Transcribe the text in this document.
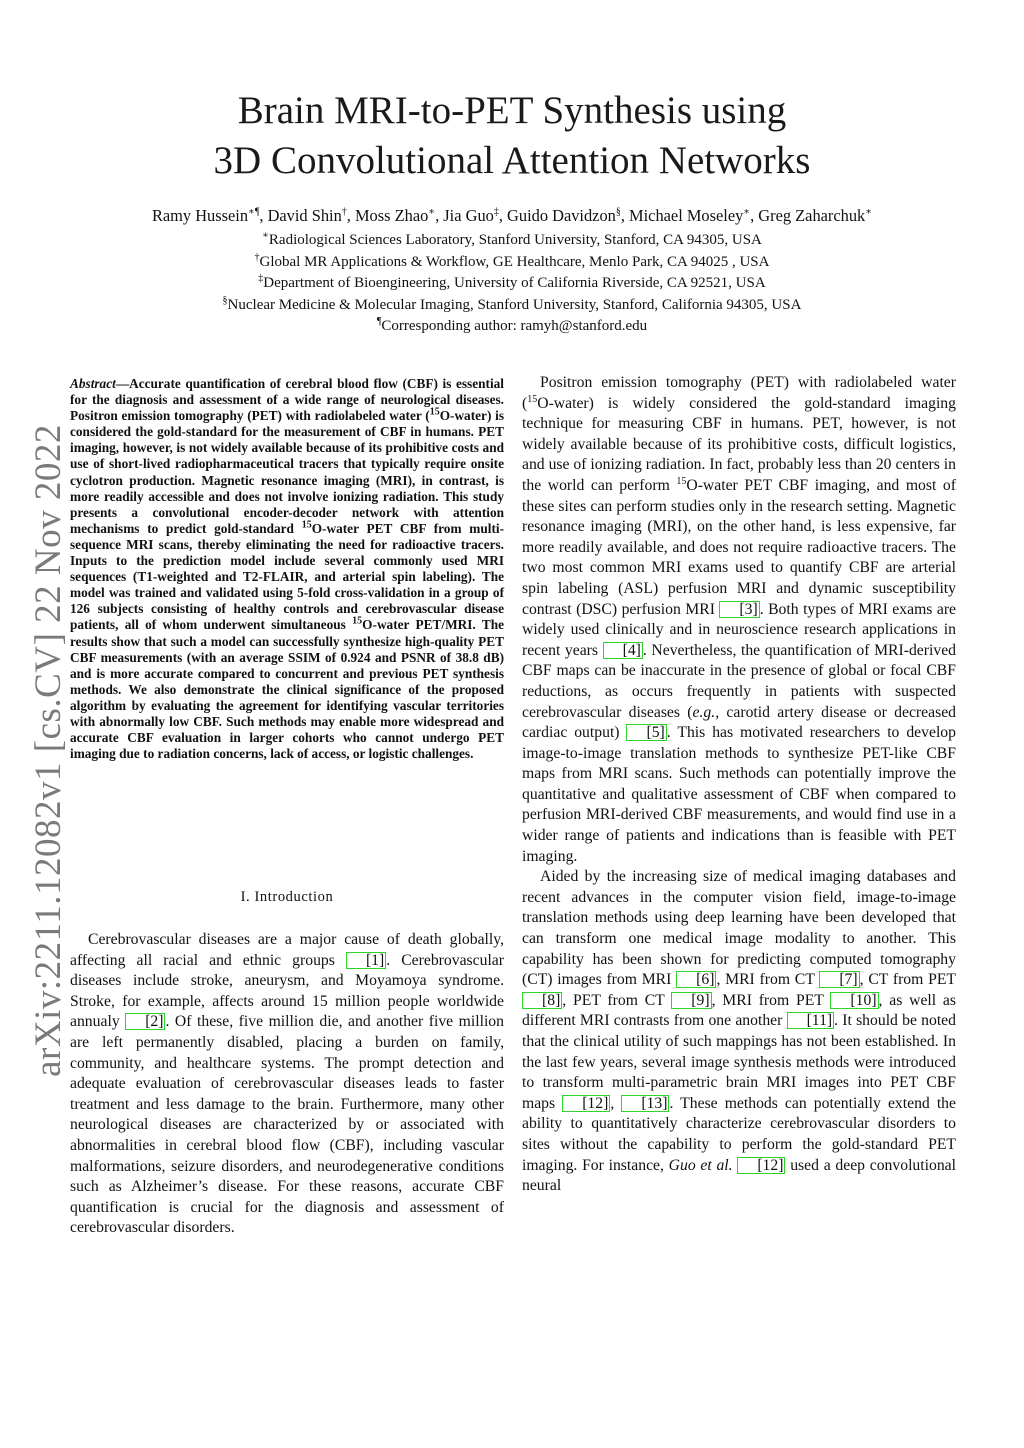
arXiv:2211.12082v1 [cs.CV] 22 Nov 2022
Brain MRI-to-PET Synthesis using
3D Convolutional Attention Networks
Ramy Hussein∗¶, David Shin†, Moss Zhao∗, Jia Guo‡, Guido Davidzon§, Michael Moseley∗, Greg Zaharchuk∗
∗Radiological Sciences Laboratory, Stanford University, Stanford, CA 94305, USA
†Global MR Applications & Workflow, GE Healthcare, Menlo Park, CA 94025 , USA
‡Department of Bioengineering, University of California Riverside, CA 92521, USA
§Nuclear Medicine & Molecular Imaging, Stanford University, Stanford, California 94305, USA
¶Corresponding author: ramyh@stanford.edu
Abstract—Accurate quantification of cerebral blood flow (CBF) is essential for the diagnosis and assessment of a wide range of neurological diseases. Positron emission tomography (PET) with radiolabeled water ($^{15}$O-water) is considered the gold-standard for the measurement of CBF in humans. PET imaging, however, is not widely available because of its prohibitive costs and use of short-lived radiopharmaceutical tracers that typically require onsite cyclotron production. Magnetic resonance imaging (MRI), in contrast, is more readily accessible and does not involve ionizing radiation. This study presents a convolutional encoder-decoder network with attention mechanisms to predict gold-standard $^{15}$O-water PET CBF from multi-sequence MRI scans, thereby eliminating the need for radioactive tracers. Inputs to the prediction model include several commonly used MRI sequences (T1-weighted and T2-FLAIR, and arterial spin labeling). The model was trained and validated using 5-fold cross-validation in a group of 126 subjects consisting of healthy controls and cerebrovascular disease patients, all of whom underwent simultaneous $^{15}$O-water PET/MRI. The results show that such a model can successfully synthesize high-quality PET CBF measurements (with an average SSIM of 0.924 and PSNR of 38.8 dB) and is more accurate compared to concurrent and previous PET synthesis methods. We also demonstrate the clinical significance of the proposed algorithm by evaluating the agreement for identifying vascular territories with abnormally low CBF. Such methods may enable more widespread and accurate CBF evaluation in larger cohorts who cannot undergo PET imaging due to radiation concerns, lack of access, or logistic challenges.
I. Introduction

Cerebrovascular diseases are a major cause of death globally, affecting all racial and ethnic groups [1] . Cerebrovascular diseases include stroke, aneurysm, and Moyamoya syndrome. Stroke, for example, affects around 15 million people worldwide annualy [2] . Of these, five million die, and another five million are left permanently disabled, placing a burden on family, community, and healthcare systems. The prompt detection and adequate evaluation of cerebrovascular diseases leads to faster treatment and less damage to the brain. Furthermore, many other neurological diseases are characterized by or associated with abnormalities in cerebral blood flow (CBF), including vascular malformations, seizure disorders, and neurodegenerative conditions such as Alzheimer’s disease. For these reasons, accurate CBF quantification is crucial for the diagnosis and assessment of cerebrovascular disorders.

Positron emission tomography (PET) with radiolabeled water ($^{15}$O-water) is widely considered the gold-standard imaging technique for measuring CBF in humans. PET, however, is not widely available because of its prohibitive costs, difficult logistics, and use of ionizing radiation. In fact, probably less than 20 centers in the world can perform $^{15}$O-water PET CBF imaging, and most of these sites can perform studies only in the research setting. Magnetic resonance imaging (MRI), on the other hand, is less expensive, far more readily available, and does not require radioactive tracers. The two most common MRI exams used to quantify CBF are arterial spin labeling (ASL) perfusion MRI and dynamic susceptibility contrast (DSC) perfusion MRI [3] . Both types of MRI exams are widely used clinically and in neuroscience research applications in recent years [4] . Nevertheless, the quantification of MRI-derived CBF maps can be inaccurate in the presence of global or focal CBF reductions, as occurs frequently in patients with suspected cerebrovascular diseases (e.g., carotid artery disease or decreased cardiac output) [5] . This has motivated researchers to develop image-to-image translation methods to synthesize PET-like CBF maps from MRI scans. Such methods can potentially improve the quantitative and qualitative assessment of CBF when compared to perfusion MRI-derived CBF measurements, and would find use in a wider range of patients and indications than is feasible with PET imaging.

Aided by the increasing size of medical imaging databases and recent advances in the computer vision field, image-to-image translation methods using deep learning have been developed that can transform one medical image modality to another. This capability has been shown for predicting computed tomography (CT) images from MRI [6] , MRI from CT [7] , CT from PET [8] , PET from CT [9] , MRI from PET [10] , as well as different MRI contrasts from one another [11] . It should be noted that the clinical utility of such mappings has not been established. In the last few years, several image synthesis methods were introduced to transform multi-parametric brain MRI images into PET CBF maps [12] , [13] . These methods can potentially extend the ability to quantitatively characterize cerebrovascular disorders to sites without the capability to perform the gold-standard PET imaging. For instance, Guo et al. [12] used a deep convolutional neural
